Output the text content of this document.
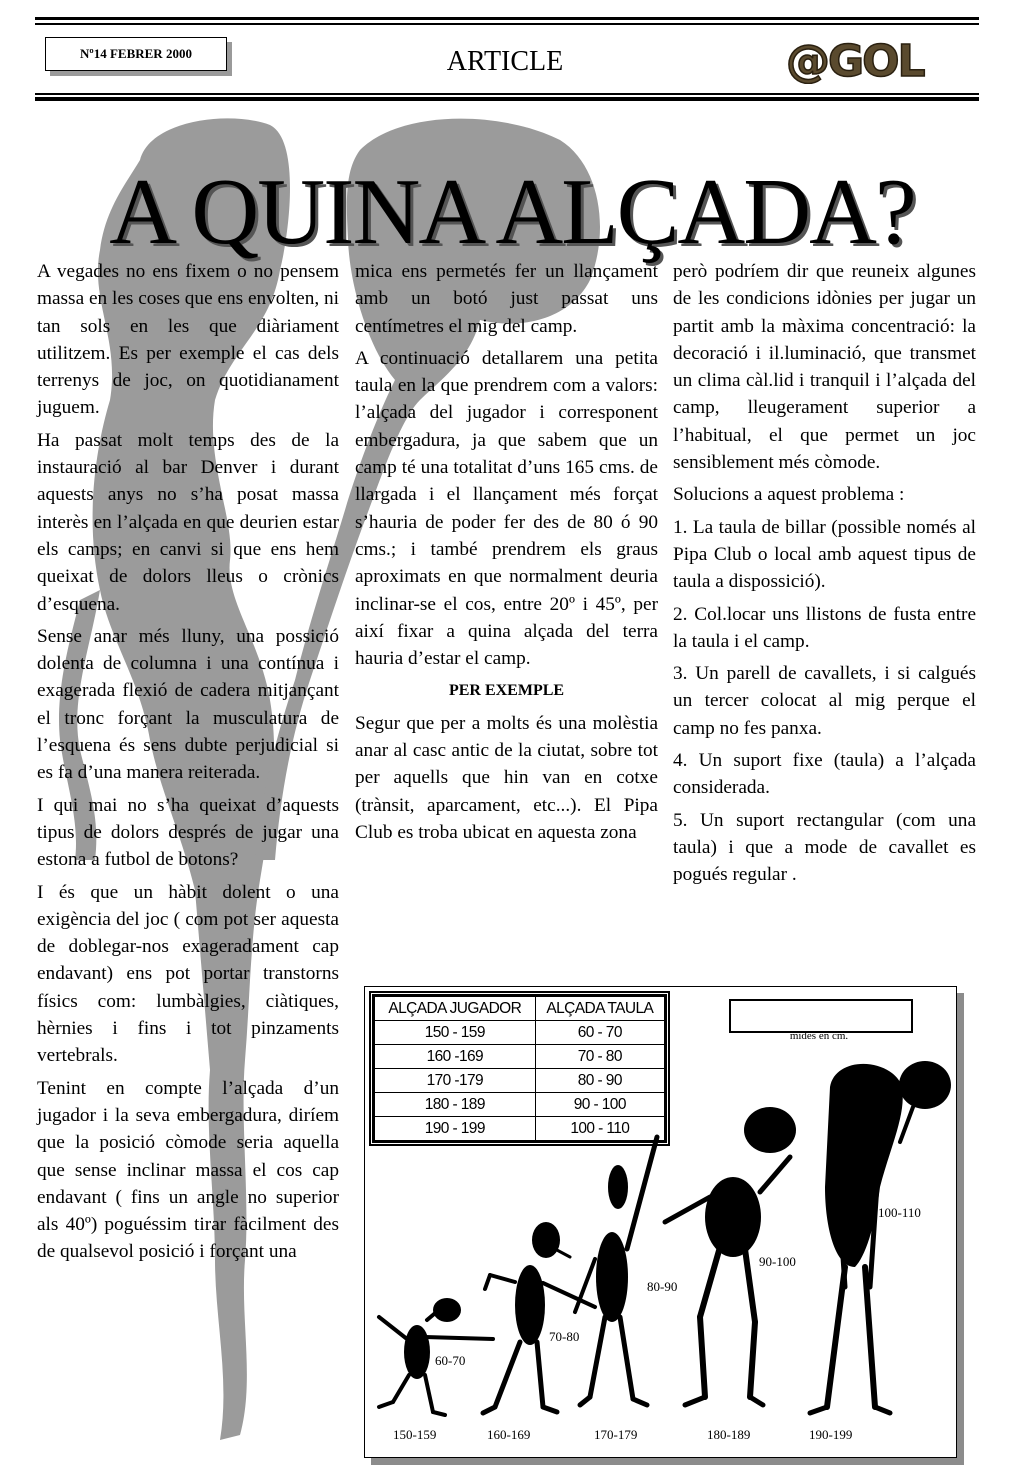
Nº14 FEBRER 2000	ARTICLE	@GOL
A QUINA ALÇADA?

A vegades no ens fixem o no pensem massa en les coses que ens envolten, ni tan sols en les que diàriament utilitzem. Es per exemple el cas dels terrenys de joc, on quotidianament juguem.

Ha passat molt temps des de la instauració al bar Denver i durant aquests anys no s’ha posat massa interès en l’alçada en que deurien estar els camps; en canvi si que ens hem queixat de dolors lleus o crònics d’esquena.

Sense anar més lluny, una possició dolenta de columna i una contínua i exagerada flexió de cadera mitjançant el tronc forçant la musculatura de l’esquena és sens dubte perjudicial si es fa d’una manera reiterada.

I qui mai no s’ha queixat d’aquests tipus de dolors després de jugar una estona a futbol de botons?

I és que un hàbit dolent o una exigència del joc ( com pot ser aquesta de doblegar-nos exageradament cap endavant) ens pot portar transtorns físics com: lumbàlgies, ciàtiques, hèrnies i fins i tot pinzaments vertebrals.

Tenint en compte l’alçada d’un jugador i la seva embergadura, diríem que la posició còmode seria aquella que sense inclinar massa el cos cap endavant ( fins un angle no superior als 40º) poguéssim tirar fàcilment des de qualsevol posició i forçant una

mica ens permetés fer un llançament amb un botó just passat uns centímetres el mig del camp.

A continuació detallarem una petita taula en la que prendrem com a valors: l’alçada del jugador i corresponent embergadura, ja que sabem que un camp té una totalitat d’uns 165 cms. de llargada i el llançament més forçat s’hauria de poder fer des de 80 ó 90 cms.; i també prendrem els graus aproximats en que normalment deuria inclinar-se el cos, entre 20º i 45º, per així fixar a quina alçada del terra hauria d’estar el camp.

PER EXEMPLE

Segur que per a molts és una molèstia anar al casc antic de la ciutat, sobre tot per aquells que hin van en cotxe (trànsit, aparcament, etc...). El Pipa Club es troba ubicat en aquesta zona

però podríem dir que reuneix algunes de les condicions idònies per jugar un partit amb la màxima concentració: la decoració i il.luminació, que transmet un clima càl.lid i tranquil i l’alçada del camp, lleugerament superior a l’habitual, el que permet un joc sensiblement més còmode.

Solucions a aquest problema :

1. La taula de billar (possible només al Pipa Club o local amb aquest tipus de taula a dispossició).

2. Col.locar uns llistons de fusta entre la taula i el camp.

3. Un parell de cavallets, i si calgués un tercer colocat al mig perque el camp no fes panxa.

4. Un suport fixe (taula) a l’alçada considerada.

5. Un suport rectangular (com una taula) i que a mode de cavallet es pogués regular .

ALÇADA JUGADOR	ALÇADA TAULA
150 - 159	60 - 70
160 -169	70 - 80
170 -179	80 - 90
180 - 189	90 - 100
190 - 199	100 - 110
mides en cm.
60-70
70-80
80-90
90-100
100-110
150-159	160-169	170-179	180-189	190-199
